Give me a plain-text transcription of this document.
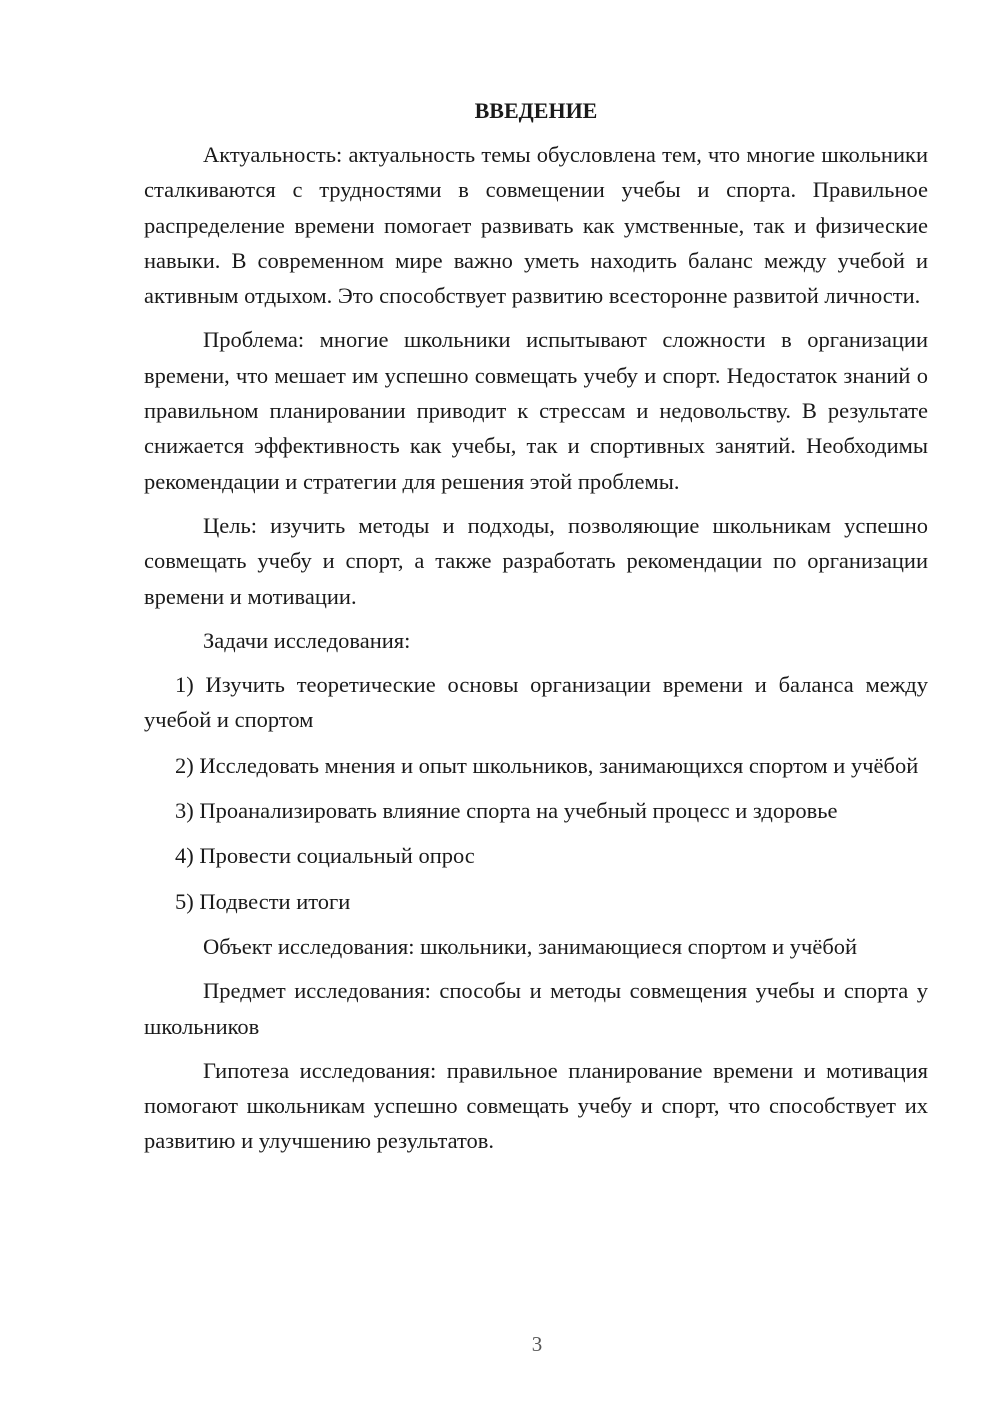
ВВЕДЕНИЕ

Актуальность: актуальность темы обусловлена тем, что многие школьники сталкиваются с трудностями в совмещении учебы и спорта. Правильное распределение времени помогает развивать как умственные, так и физические навыки. В современном мире важно уметь находить баланс между учебой и активным отдыхом. Это способствует развитию всесторонне развитой личности.

Проблема: многие школьники испытывают сложности в организации времени, что мешает им успешно совмещать учебу и спорт. Недостаток знаний о правильном планировании приводит к стрессам и недовольству. В результате снижается эффективность как учебы, так и спортивных занятий. Необходимы рекомендации и стратегии для решения этой проблемы.

Цель: изучить методы и подходы, позволяющие школьникам успешно совмещать учебу и спорт, а также разработать рекомендации по организации времени и мотивации.

Задачи исследования:

1) Изучить теоретические основы организации времени и баланса между учебой и спортом

2) Исследовать мнения и опыт школьников, занимающихся спортом и учёбой

3) Проанализировать влияние спорта на учебный процесс и здоровье

4) Провести социальный опрос

5) Подвести итоги

Объект исследования: школьники, занимающиеся спортом и учёбой

Предмет исследования: способы и методы совмещения учебы и спорта у школьников

Гипотеза исследования: правильное планирование времени и мотивация помогают школьникам успешно совмещать учебу и спорт, что способствует их развитию и улучшению результатов.

3
